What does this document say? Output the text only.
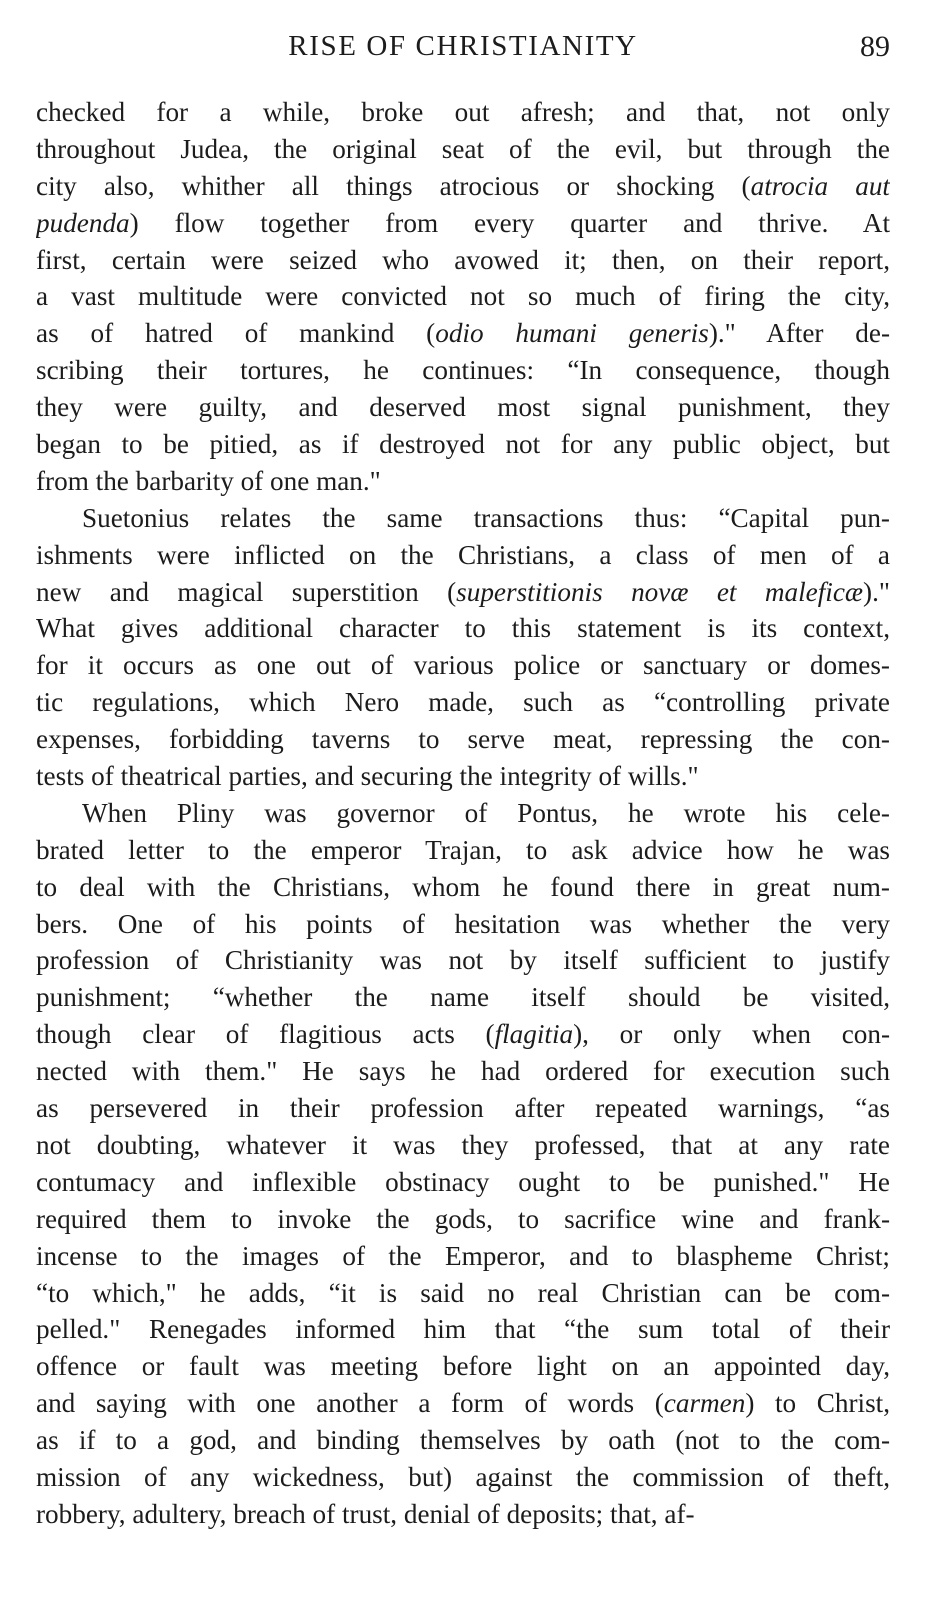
RISE OF CHRISTIANITY	89
checked for a while, broke out afresh; and that, not only
throughout Judea, the original seat of the evil, but through the
city also, whither all things atrocious or shocking (atrocia aut
pudenda) flow together from every quarter and thrive. At
first, certain were seized who avowed it; then, on their report,
a vast multitude were convicted not so much of firing the city,
as of hatred of mankind (odio humani generis)." After de-
scribing their tortures, he continues: “In consequence, though
they were guilty, and deserved most signal punishment, they
began to be pitied, as if destroyed not for any public object, but
from the barbarity of one man."
Suetonius relates the same transactions thus: “Capital pun-
ishments were inflicted on the Christians, a class of men of a
new and magical superstition (superstitionis novæ et maleficæ)."
What gives additional character to this statement is its context,
for it occurs as one out of various police or sanctuary or domes-
tic regulations, which Nero made, such as “controlling private
expenses, forbidding taverns to serve meat, repressing the con-
tests of theatrical parties, and securing the integrity of wills."
When Pliny was governor of Pontus, he wrote his cele-
brated letter to the emperor Trajan, to ask advice how he was
to deal with the Christians, whom he found there in great num-
bers. One of his points of hesitation was whether the very
profession of Christianity was not by itself sufficient to justify
punishment; “whether the name itself should be visited,
though clear of flagitious acts (flagitia), or only when con-
nected with them." He says he had ordered for execution such
as persevered in their profession after repeated warnings, “as
not doubting, whatever it was they professed, that at any rate
contumacy and inflexible obstinacy ought to be punished." He
required them to invoke the gods, to sacrifice wine and frank-
incense to the images of the Emperor, and to blaspheme Christ;
“to which," he adds, “it is said no real Christian can be com-
pelled." Renegades informed him that “the sum total of their
offence or fault was meeting before light on an appointed day,
and saying with one another a form of words (carmen) to Christ,
as if to a god, and binding themselves by oath (not to the com-
mission of any wickedness, but) against the commission of theft,
robbery, adultery, breach of trust, denial of deposits; that, af-
